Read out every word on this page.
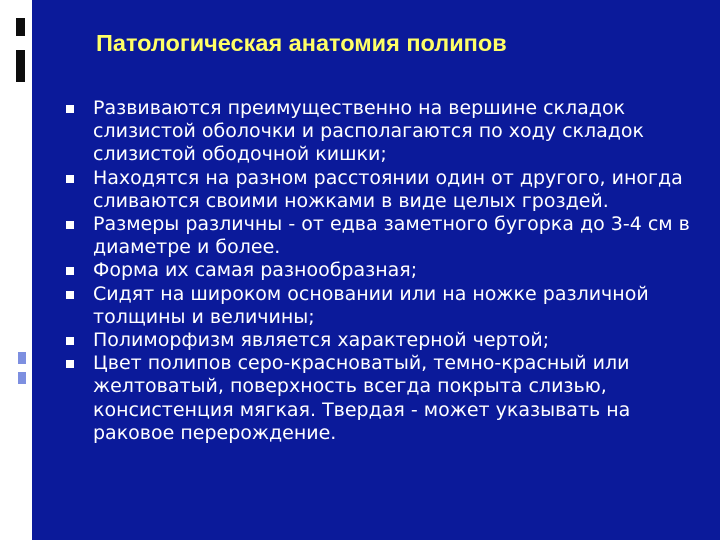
Патологическая анатомия полипов
Развиваются преимущественно на вершине складок слизистой оболочки и располагаются по ходу складок слизистой ободочной кишки;
Находятся на разном расстоянии один от другого, иногда сливаются своими ножками в виде целых гроздей.
Размеры различны - от едва заметного бугорка до 3-4 см в диаметре и более.
Форма их самая разнообразная;
Сидят на широком основании или на ножке различной толщины и величины;
Полиморфизм является характерной чертой;
Цвет полипов серо-красноватый, темно-красный или желтоватый, поверхность всегда покрыта слизью, консистенция мягкая. Твердая - может указывать на раковое перерождение.
